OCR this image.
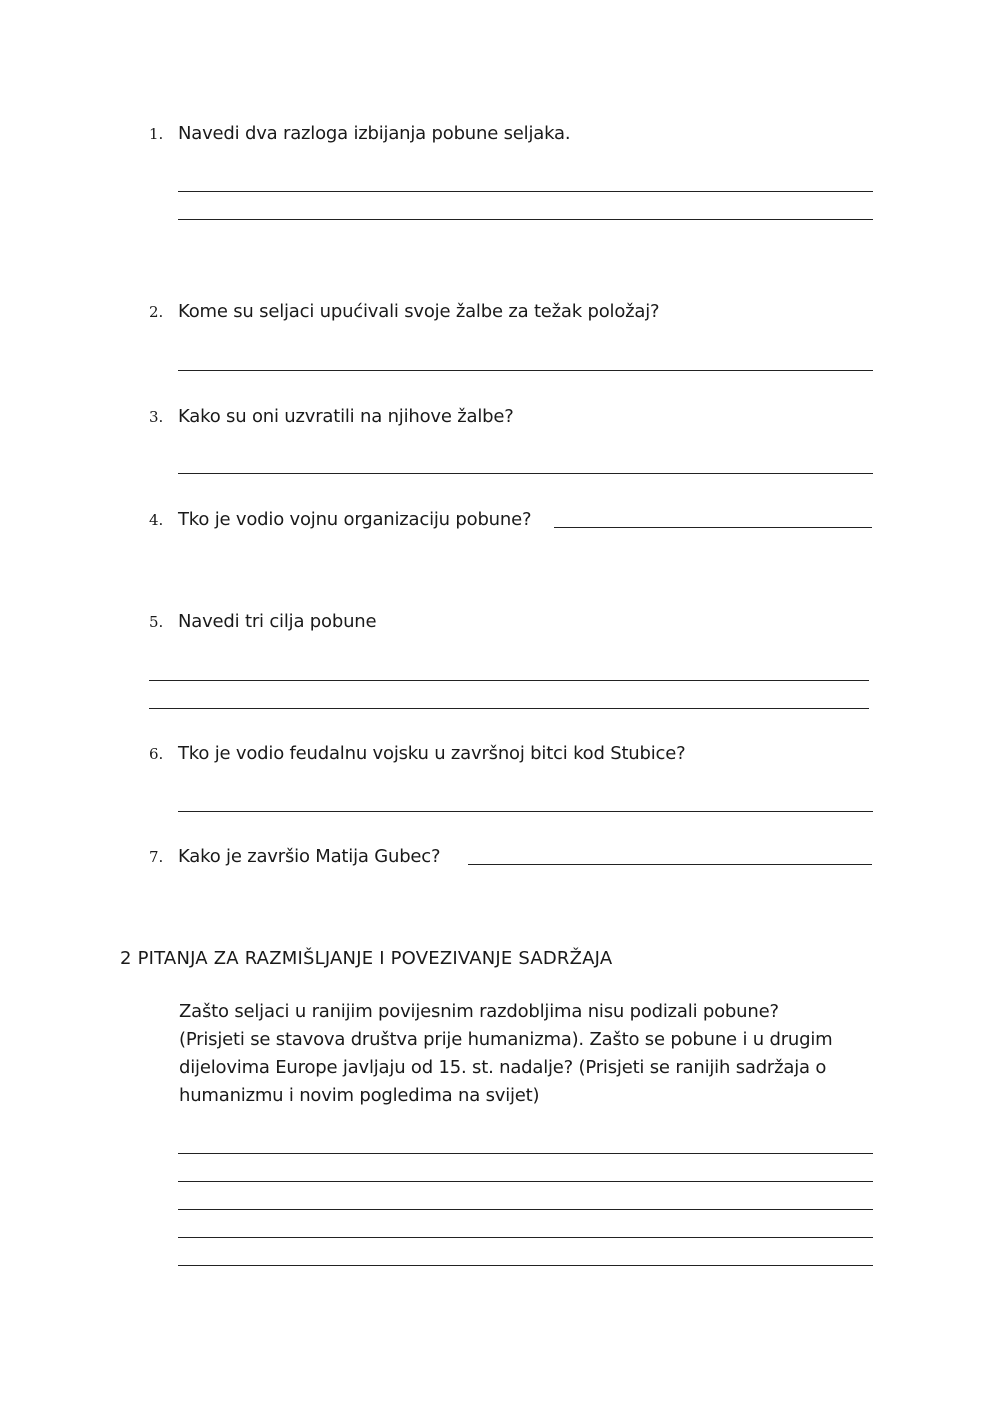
1. Navedi dva razloga izbijanja pobune seljaka.
2. Kome su seljaci upućivali svoje žalbe za težak položaj?
3. Kako su oni uzvratili na njihove žalbe?
4. Tko je vodio vojnu organizaciju pobune?
5. Navedi tri cilja pobune
6. Tko je vodio feudalnu vojsku u završnoj bitci kod Stubice?
7. Kako je završio Matija Gubec?
2 PITANJA ZA RAZMIŠLJANJE I POVEZIVANJE SADRŽAJA
Zašto seljaci u ranijim povijesnim razdobljima nisu podizali pobune?
(Prisjeti se stavova društva prije humanizma). Zašto se pobune i u drugim
dijelovima Europe javljaju od 15. st. nadalje? (Prisjeti se ranijih sadržaja o
humanizmu i novim pogledima na svijet)
